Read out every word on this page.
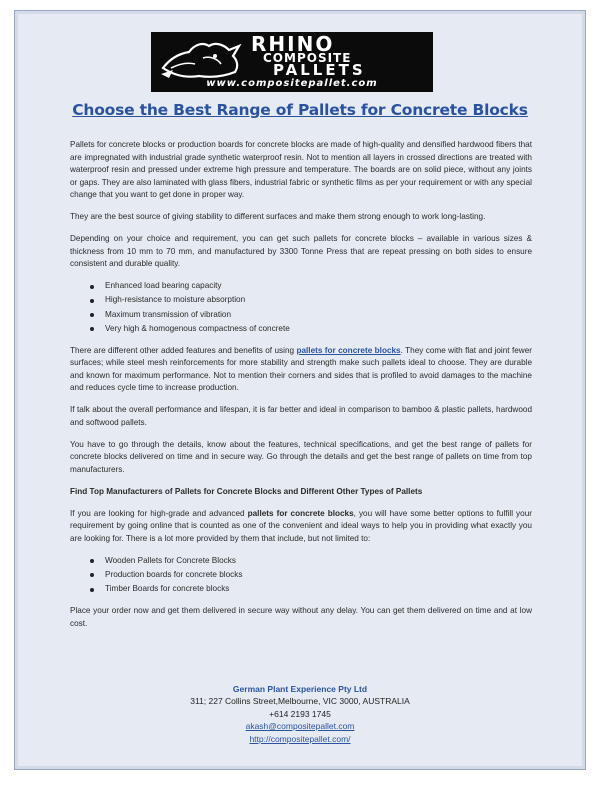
RHINO
COMPOSITE
PALLETS
www.compositepallet.com
Choose the Best Range of Pallets for Concrete Blocks

Pallets for concrete blocks or production boards for concrete blocks are made of high-quality and densified hardwood fibers that are impregnated with industrial grade synthetic waterproof resin. Not to mention all layers in crossed directions are treated with waterproof resin and pressed under extreme high pressure and temperature. The boards are on solid piece, without any joints or gaps. They are also laminated with glass fibers, industrial fabric or synthetic films as per your requirement or with any special change that you want to get done in proper way.

They are the best source of giving stability to different surfaces and make them strong enough to work long-lasting.

Depending on your choice and requirement, you can get such pallets for concrete blocks – available in various sizes & thickness from 10 mm to 70 mm, and manufactured by 3300 Tonne Press that are repeat pressing on both sides to ensure consistent and durable quality.

Enhanced load bearing capacity
High-resistance to moisture absorption
Maximum transmission of vibration
Very high & homogenous compactness of concrete

There are different other added features and benefits of using pallets for concrete blocks. They come with flat and joint fewer surfaces; while steel mesh reinforcements for more stability and strength make such pallets ideal to choose. They are durable and known for maximum performance. Not to mention their corners and sides that is profiled to avoid damages to the machine and reduces cycle time to increase production.

If talk about the overall performance and lifespan, it is far better and ideal in comparison to bamboo & plastic pallets, hardwood and softwood pallets.

You have to go through the details, know about the features, technical specifications, and get the best range of pallets for concrete blocks delivered on time and in secure way. Go through the details and get the best range of pallets on time from top manufacturers.

Find Top Manufacturers of Pallets for Concrete Blocks and Different Other Types of Pallets

If you are looking for high-grade and advanced pallets for concrete blocks, you will have some better options to fulfill your requirement by going online that is counted as one of the convenient and ideal ways to help you in providing what exactly you are looking for. There is a lot more provided by them that include, but not limited to:

Wooden Pallets for Concrete Blocks
Production boards for concrete blocks
Timber Boards for concrete blocks

Place your order now and get them delivered in secure way without any delay. You can get them delivered on time and at low cost.

German Plant Experience Pty Ltd
311; 227 Collins Street,Melbourne, VIC 3000, AUSTRALIA
+614 2193 1745
akash@compositepallet.com
http://compositepallet.com/
